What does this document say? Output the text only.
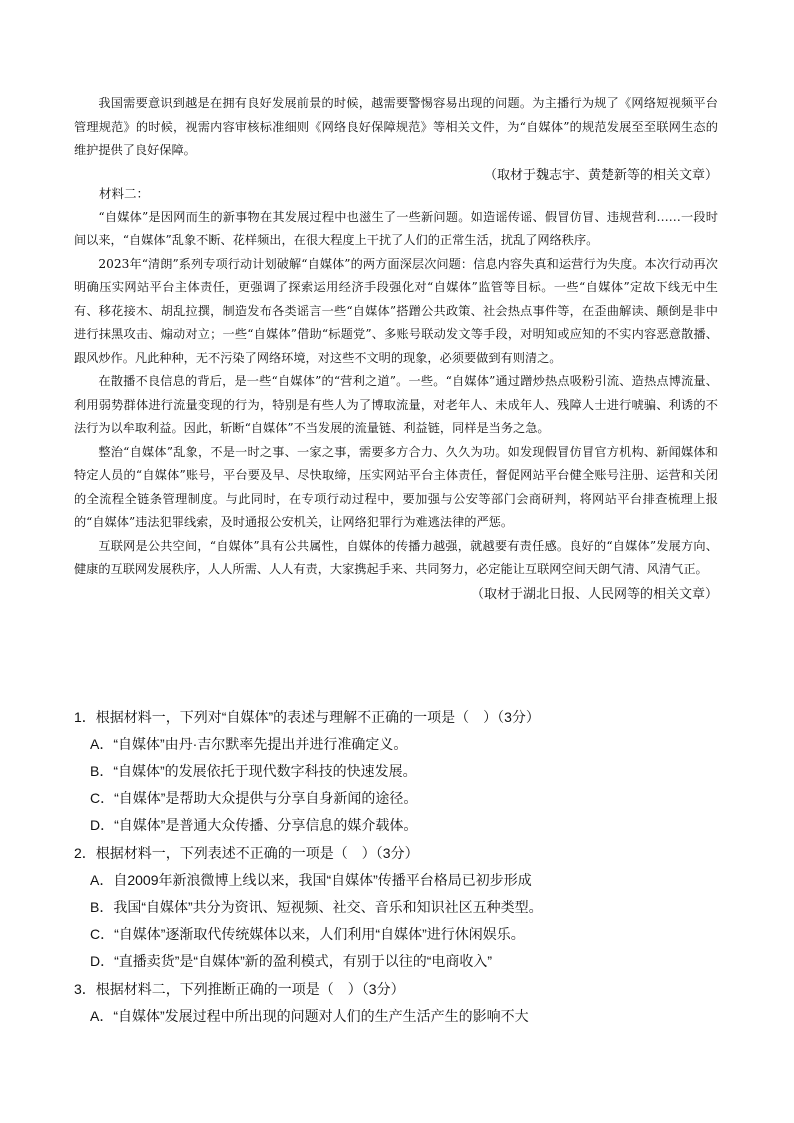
我国需要意识到越是在拥有良好发展前景的时候，越需要警惕容易出现的问题。为主播行为规了《网络短视频平台管理规范》的时候，视需内容审核标准细则《网络良好保障规范》等相关文件，为“自媒体”的规范发展至至联网生态的维护提供了良好保障。

（取材于魏志宇、黄楚新等的相关文章）
材料二：

“自媒体”是因网而生的新事物在其发展过程中也滋生了一些新问题。如造谣传谣、假冒仿冒、违规营利……一段时间以来，“自媒体”乱象不断、花样频出，在很大程度上干扰了人们的正常生活，扰乱了网络秩序。

2023年“清朗”系列专项行动计划破解“自媒体”的两方面深层次问题：信息内容失真和运营行为失度。本次行动再次明确压实网站平台主体责任，更强调了探索运用经济手段强化对“自媒体”监管等目标。一些“自媒体”定故下线无中生有、移花接木、胡乱拉撰，制造发布各类谣言一些“自媒体”搭蹭公共政策、社会热点事件等，在歪曲解读、颠倒是非中进行抹黑攻击、煽动对立；一些“自媒体”借助“标题党”、多账号联动发文等手段，对明知或应知的不实内容恶意散播、跟风炒作。凡此种种，无不污染了网络环境，对这些不文明的现象，必须要做到有则清之。

在散播不良信息的背后，是一些“自媒体”的“营利之道”。一些。“自媒体”通过蹭炒热点吸粉引流、造热点博流量、利用弱势群体进行流量变现的行为，特别是有些人为了博取流量，对老年人、未成年人、残障人士进行唬骗、利诱的不法行为以牟取利益。因此，斩断“自媒体”不当发展的流量链、利益链，同样是当务之急。

整治“自媒体”乱象，不是一时之事、一家之事，需要多方合力、久久为功。如发现假冒仿冒官方机构、新闻媒体和特定人员的“自媒体”账号，平台要及早、尽快取缔，压实网站平台主体责任，督促网站平台健全账号注册、运营和关闭的全流程全链条管理制度。与此同时，在专项行动过程中，要加强与公安等部门会商研判，将网站平台排查梳理上报的“自媒体”违法犯罪线索，及时通报公安机关，让网络犯罪行为难逃法律的严惩。

互联网是公共空间，“自媒体”具有公共属性，自媒体的传播力越强，就越要有责任感。良好的“自媒体”发展方向、健康的互联网发展秩序，人人所需、人人有责，大家携起手来、共同努力，必定能让互联网空间天朗气清、风清气正。

（取材于湖北日报、人民网等的相关文章）
1．根据材料一，下列对“自媒体”的表述与理解不正确的一项是（　）（3分）
A．“自媒体”由丹·吉尔默率先提出并进行准确定义。
B．“自媒体”的发展依托于现代数字科技的快速发展。
C．“自媒体”是帮助大众提供与分享自身新闻的途径。
D．“自媒体”是普通大众传播、分享信息的媒介载体。
2．根据材料一，下列表述不正确的一项是（　）（3分）
A．自2009年新浪微博上线以来，我国“自媒体”传播平台格局已初步形成
B．我国“自媒体”共分为资讯、短视频、社交、音乐和知识社区五种类型。
C．“自媒体”逐渐取代传统媒体以来，人们利用“自媒体”进行休闲娱乐。
D．“直播卖货”是“自媒体”新的盈利模式，有别于以往的“电商收入”
3．根据材料二，下列推断正确的一项是（　）（3分）
A．“自媒体”发展过程中所出现的问题对人们的生产生活产生的影响不大
